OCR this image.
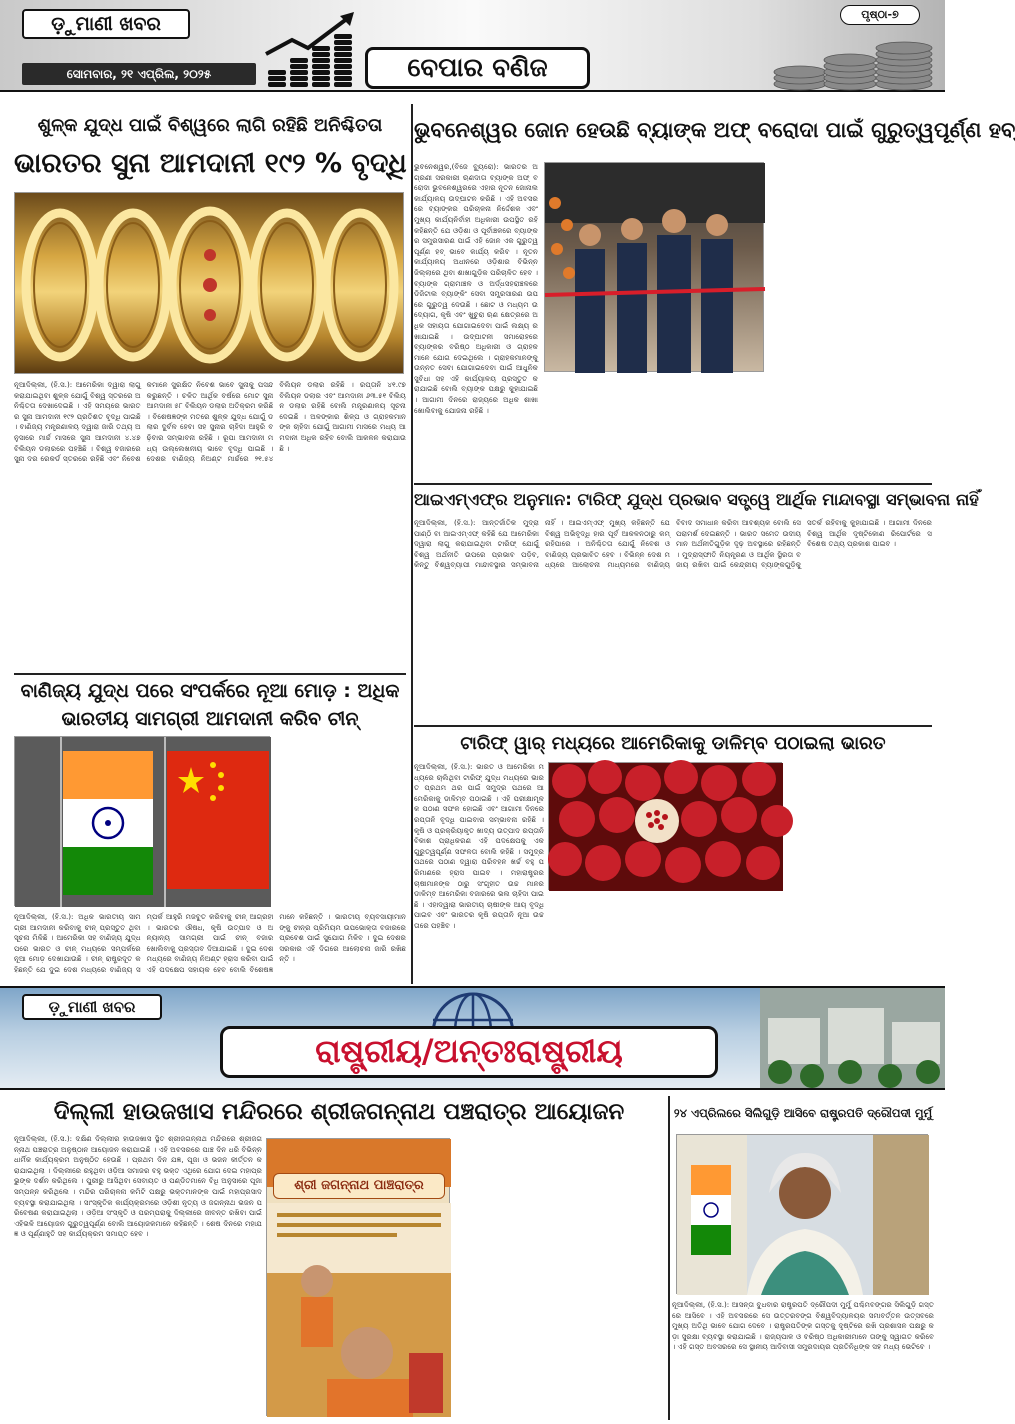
ଡ଼ୁମାଣୀ ଖବର
ସୋମବାର, ୨୧ ଏପ୍ରିଲ, ୨୦୨୫	ବେପାର ବଣିଜ
ପୃଷ୍ଠା-୭
ଶୁଳ୍କ ଯୁଦ୍ଧ ପାଇଁ ବିଶ୍ୱରେ ଲାଗି ରହିଛି ଅନିଶ୍ଚିତତା
ଭାରତର ସୁନା ଆମଦାନୀ ୧୯୨ % ବୃଦ୍ଧି
ନୂଆଦିଲ୍ଲୀ, (ହି.ସ.): ଆମେରିକା ଦ୍ୱାରା ଲାଗୁ କରାଯାଇଥିବା ଶୁଳ୍କ ଯୋଗୁଁ ବିଶ୍ୱ ସ୍ତରରେ ଅନିଶ୍ଚିତତା ଦେଖାଦେଇଛି । ଏହି ସମୟରେ ଭାରତର ସୁନା ଆମଦାନୀ ୧୯୨ ପ୍ରତିଶତ ବୃଦ୍ଧି ପାଇଛି । ବାଣିଜ୍ୟ ମନ୍ତ୍ରଣାଳୟ ଦ୍ୱାରା ଜାରି ତଥ୍ୟ ଅନୁସାରେ ମାର୍ଚ୍ଚ ମାସରେ ସୁନା ଆମଦାନୀ ୪.୪୭ ବିଲିୟନ ଡଲାରରେ ପହଞ୍ଚିଛି । ବିଶ୍ୱ ବଜାରରେ ସୁନା ଦର ରେକର୍ଡ ସ୍ତରରେ ରହିଛି ଏବଂ ନିବେଶକମାନେ ସୁରକ୍ଷିତ ନିବେଶ ଭାବେ ସୁନାକୁ ପସନ୍ଦ କରୁଛନ୍ତି । ଚଳିତ ଆର୍ଥିକ ବର୍ଷରେ ମୋଟ ସୁନା ଆମଦାନୀ ୫୮ ବିଲିୟନ ଡଲାର ଅତିକ୍ରମ କରିଛି । ବିଶେଷଜ୍ଞଙ୍କ ମତରେ ଶୁଳ୍କ ଯୁଦ୍ଧ ଯୋଗୁଁ ଡଲାର ଦୁର୍ବଳ ହେବା ସହ ସୁନାର ଚାହିଦା ଆହୁରି ବଢ଼ିବାର ସମ୍ଭାବନା ରହିଛି । ରୂପା ଆମଦାନୀ ମଧ୍ୟ ଉଲ୍ଲେଖନୀୟ ଭାବେ ବୃଦ୍ଧି ପାଇଛି । ଦେଶର ବାଣିଜ୍ୟ ନିଅଣ୍ଟ ମାର୍ଚ୍ଚରେ ୨୧.୫୪ ବିଲିୟନ ଡଲାର ରହିଛି । ରପ୍ତାନି ୪୧.୯୭ ବିଲିୟନ ଡଲାର ଏବଂ ଆମଦାନୀ ୬୩.୫୧ ବିଲିୟନ ଡଲାର ରହିଛି ବୋଲି ମନ୍ତ୍ରଣାଳୟ ସୂଚନା ଦେଇଛି । ଅଳଙ୍କାର ଶିଳ୍ପ ଓ ଗ୍ରାହକମାନଙ୍କ ଚାହିଦା ଯୋଗୁଁ ଆଗାମୀ ମାସରେ ମଧ୍ୟ ଆମଦାନୀ ଅଧିକ ରହିବ ବୋଲି ଆକଳନ କରାଯାଉଛି ।
ବାଣିଜ୍ୟ ଯୁଦ୍ଧ ପରେ ସଂପର୍କରେ ନୂଆ ମୋଡ଼ : ଅଧିକ
ଭାରତୀୟ ସାମଗ୍ରୀ ଆମଦାନୀ କରିବ ଚୀନ୍
ନୂଆଦିଲ୍ଲୀ, (ହି.ସ.): ଅଧିକ ଭାରତୀୟ ସାମଗ୍ରୀ ଆମଦାନୀ କରିବାକୁ ଚୀନ୍ ପ୍ରସ୍ତୁତ ଥିବା ସୂଚନା ମିଳିଛି । ଆମେରିକା ସହ ବାଣିଜ୍ୟ ଯୁଦ୍ଧ ପରେ ଭାରତ ଓ ଚୀନ୍ ମଧ୍ୟରେ ସମ୍ପର୍କରେ ନୂଆ ମୋଡ଼ ଦେଖାଯାଉଛି । ଚୀନ୍ ରାଷ୍ଟ୍ରଦୂତ କହିଛନ୍ତି ଯେ ଦୁଇ ଦେଶ ମଧ୍ୟରେ ବାଣିଜ୍ୟ ସମ୍ପର୍କ ଆହୁରି ମଜବୁତ କରିବାକୁ ଚୀନ୍ ଆଗ୍ରହୀ । ଭାରତର ଔଷଧ, କୃଷି ଉତ୍ପାଦ ଓ ଅନ୍ୟାନ୍ୟ ସାମଗ୍ରୀ ପାଇଁ ଚୀନ୍ ବଜାର ଖୋଲିବାକୁ ପ୍ରସ୍ତାବ ଦିଆଯାଇଛି । ଦୁଇ ଦେଶ ମଧ୍ୟରେ ବାଣିଜ୍ୟ ନିଅଣ୍ଟ ହ୍ରାସ କରିବା ପାଇଁ ଏହି ପଦକ୍ଷେପ ସହାୟକ ହେବ ବୋଲି ବିଶେଷଜ୍ଞମାନେ କହିଛନ୍ତି । ଭାରତୀୟ ବ୍ୟବସାୟୀମାନଙ୍କୁ ଚୀନ୍‌ର ପ୍ରିମିୟମ ଉପଭୋକ୍ତା ବଜାରରେ ପ୍ରବେଶ ପାଇଁ ସୁଯୋଗ ମିଳିବ । ଦୁଇ ଦେଶର ସରକାର ଏହି ଦିଗରେ ଆଲୋଚନା ଜାରି ରଖିଛନ୍ତି ।
ଭୁବନେଶ୍ୱର ଜୋନ ହେଉଛି ବ୍ୟାଙ୍କ ଅଫ୍ ବରୋଦା ପାଇଁ ଗୁରୁତ୍ୱପୂର୍ଣ୍ଣ ହବ୍
ଭୁବନେଶ୍ୱର,(ବିଜେ ବ୍ୟୁରୋ): ଭାରତର ଅଗ୍ରଣୀ ସରକାରୀ ଋଣଦାତା ବ୍ୟାଙ୍କ ଅଫ୍ ବରୋଦା ଭୁବନେଶ୍ୱରରେ ଏହାର ନୂତନ ଜୋନାଲ କାର୍ଯ୍ୟାଳୟ ଉଦ୍‌ଘାଟନ କରିଛି । ଏହି ଅବସରରେ ବ୍ୟାଙ୍କର ପରିଚାଳନା ନିର୍ଦ୍ଦେଶକ ଏବଂ ମୁଖ୍ୟ କାର୍ଯ୍ୟନିର୍ବାହୀ ଅଧିକାରୀ ଉପସ୍ଥିତ ରହି କହିଛନ୍ତି ଯେ ଓଡ଼ିଶା ଓ ପୂର୍ବାଞ୍ଚଳରେ ବ୍ୟାଙ୍କର ସମ୍ପ୍ରସାରଣ ପାଇଁ ଏହି ଜୋନ ଏକ ଗୁରୁତ୍ୱପୂର୍ଣ୍ଣ ହବ୍ ଭାବେ କାର୍ଯ୍ୟ କରିବ । ନୂତନ କାର୍ଯ୍ୟାଳୟ ଅଧୀନରେ ଓଡ଼ିଶାର ବିଭିନ୍ନ ଜିଲ୍ଲାରେ ଥିବା ଶାଖାଗୁଡ଼ିକ ପରିଚାଳିତ ହେବ । ବ୍ୟାଙ୍କ ଗ୍ରାମାଞ୍ଚଳ ଓ ଅର୍ଦ୍ଧସହରାଞ୍ଚଳରେ ଡିଜିଟାଲ ବ୍ୟାଙ୍କିଂ ସେବା ସମ୍ପ୍ରସାରଣ ଉପରେ ଗୁରୁତ୍ୱ ଦେଉଛି । ଛୋଟ ଓ ମଧ୍ୟମ ଉଦ୍ୟୋଗ, କୃଷି ଏବଂ ଖୁଚୁରା ଋଣ କ୍ଷେତ୍ରରେ ଅଧିକ ସହାୟତା ଯୋଗାଇଦେବା ପାଇଁ ଲକ୍ଷ୍ୟ ରଖାଯାଇଛି । ଉଦ୍‌ଘାଟନୀ ସମାରୋହରେ ବ୍ୟାଙ୍କର ବରିଷ୍ଠ ଅଧିକାରୀ ଓ ଗ୍ରାହକମାନେ ଯୋଗ ଦେଇଥିଲେ । ଗ୍ରାହକମାନଙ୍କୁ ଉନ୍ନତ ସେବା ଯୋଗାଇଦେବା ପାଇଁ ଆଧୁନିକ ସୁବିଧା ସହ ଏହି କାର୍ଯ୍ୟାଳୟ ପ୍ରସ୍ତୁତ କରାଯାଇଛି ବୋଲି ବ୍ୟାଙ୍କ ପକ୍ଷରୁ କୁହାଯାଇଛି । ଆଗାମୀ ଦିନରେ ରାଜ୍ୟରେ ଅଧିକ ଶାଖା ଖୋଲିବାକୁ ଯୋଜନା ରହିଛି ।
ଆଇଏମ୍‌ଏଫ୍‌ର ଅନୁମାନ: ଟାରିଫ୍ ଯୁଦ୍ଧ ପ୍ରଭାବ ସତ୍ତ୍ୱେ ଆର୍ଥିକ ମାନ୍ଦାବସ୍ଥା ସମ୍ଭାବନା ନାହିଁ
ନୂଆଦିଲ୍ଲୀ, (ହି.ସ.): ଆନ୍ତର୍ଜାତିକ ମୁଦ୍ରା ପାଣ୍ଠି ବା ଆଇଏମ୍‌ଏଫ୍ କହିଛି ଯେ ଆମେରିକା ଦ୍ୱାରା ଲାଗୁ କରାଯାଇଥିବା ଟାରିଫ୍ ଯୋଗୁଁ ବିଶ୍ୱ ଅର୍ଥନୀତି ଉପରେ ପ୍ରଭାବ ପଡ଼ିବ, କିନ୍ତୁ ବିଶ୍ୱବ୍ୟାପୀ ମାନ୍ଦାବସ୍ଥାର ସମ୍ଭାବନା ନାହିଁ । ଆଇଏମ୍‌ଏଫ୍ ମୁଖ୍ୟ କହିଛନ୍ତି ଯେ ବିଶ୍ୱ ଅଭିବୃଦ୍ଧି ହାର ପୂର୍ବ ଆକଳନଠାରୁ କମ୍ ରହିପାରେ । ଅନିଶ୍ଚିତତା ଯୋଗୁଁ ନିବେଶ ଓ ବାଣିଜ୍ୟ ପ୍ରଭାବିତ ହେବ । ବିଭିନ୍ନ ଦେଶ ମଧ୍ୟରେ ଆଲୋଚନା ମାଧ୍ୟମରେ ବାଣିଜ୍ୟ ବିବାଦ ସମାଧାନ କରିବା ଆବଶ୍ୟକ ବୋଲି ସେ ପରାମର୍ଶ ଦେଇଛନ୍ତି । ଭାରତ ସମେତ ଉଦୀୟମାନ ଅର୍ଥନୀତିଗୁଡ଼ିକ ଦୃଢ଼ ଅବସ୍ଥାରେ ରହିଛନ୍ତି । ମୁଦ୍ରାସ୍ଫୀତି ନିୟନ୍ତ୍ରଣ ଓ ଆର୍ଥିକ ସ୍ଥିରତା ବଜାୟ ରଖିବା ପାଇଁ କେନ୍ଦ୍ରୀୟ ବ୍ୟାଙ୍କଗୁଡ଼ିକୁ ସତର୍କ ରହିବାକୁ କୁହାଯାଇଛି । ଆଗାମୀ ଦିନରେ ବିଶ୍ୱ ଆର୍ଥିକ ଦୃଷ୍ଟିକୋଣ ରିପୋର୍ଟରେ ସବିଶେଷ ତଥ୍ୟ ପ୍ରକାଶ ପାଇବ ।
ଟାରିଫ୍ ୱାର୍ ମଧ୍ୟରେ ଆମେରିକାକୁ ଡାଳିମ୍ବ ପଠାଇଲା ଭାରତ
ନୂଆଦିଲ୍ଲୀ, (ହି.ସ.): ଭାରତ ଓ ଆମେରିକା ମଧ୍ୟରେ ଚାଲିଥିବା ଟାରିଫ୍ ଯୁଦ୍ଧ ମଧ୍ୟରେ ଭାରତ ପ୍ରଥମ ଥର ପାଇଁ ସମୁଦ୍ର ପଥରେ ଆମେରିକାକୁ ଡାଳିମ୍ବ ପଠାଇଛି । ଏହି ପରୀକ୍ଷାମୂଳକ ପଠାଣ ସଫଳ ହୋଇଛି ଏବଂ ଆଗାମୀ ଦିନରେ ରପ୍ତାନି ବୃଦ୍ଧି ପାଇବାର ସମ୍ଭାବନା ରହିଛି । କୃଷି ଓ ପ୍ରକ୍ରିୟାକୃତ ଖାଦ୍ୟ ଉତ୍ପାଦ ରପ୍ତାନି ବିକାଶ ପ୍ରାଧିକରଣ ଏହି ପଦକ୍ଷେପକୁ ଏକ ଗୁରୁତ୍ୱପୂର୍ଣ୍ଣ ସଫଳତା ବୋଲି କହିଛି । ସମୁଦ୍ର ପଥରେ ପଠାଣ ଦ୍ୱାରା ପରିବହନ ଖର୍ଚ୍ଚ ବହୁ ପରିମାଣରେ ହ୍ରାସ ପାଇବ । ମହାରାଷ୍ଟ୍ରର ଚାଷୀମାନଙ୍କ ଠାରୁ ସଂଗୃହୀତ ଉଚ୍ଚ ମାନର ଡାଳିମ୍ବ ଆମେରିକା ବଜାରରେ ଭଲ ଚାହିଦା ପାଇଛି । ଏହାଦ୍ୱାରା ଭାରତୀୟ ଚାଷୀଙ୍କ ଆୟ ବୃଦ୍ଧି ପାଇବ ଏବଂ ଭାରତର କୃଷି ରପ୍ତାନି ନୂଆ ଉଚ୍ଚତାରେ ପହଞ୍ଚିବ ।
ଡ଼ୁମାଣୀ ଖବର
ରାଷ୍ଟ୍ରୀୟ/ଅନ୍ତଃରାଷ୍ଟ୍ରୀୟ
ଦିଲ୍ଲୀ ହାଉଜଖାସ ମନ୍ଦିରରେ ଶ୍ରୀଜଗନ୍ନାଥ ପଞ୍ଚରାତ୍ର ଆୟୋଜନ
ନୂଆଦିଲ୍ଲୀ, (ହି.ସ.): ଦକ୍ଷିଣ ଦିଲ୍ଲୀର ହାଉଜଖାସ ସ୍ଥିତ ଶ୍ରୀଜଗନ୍ନାଥ ମନ୍ଦିରରେ ଶ୍ରୀଜଗନ୍ନାଥ ପଞ୍ଚରାତ୍ର ଅନୁଷ୍ଠାନ ଆୟୋଜନ କରାଯାଇଛି । ଏହି ଅବସରରେ ପାଞ୍ଚ ଦିନ ଧରି ବିଭିନ୍ନ ଧାର୍ମିକ କାର୍ଯ୍ୟକ୍ରମ ଅନୁଷ୍ଠିତ ହେଉଛି । ପ୍ରଥମ ଦିନ ଯଜ୍ଞ, ପୂଜା ଓ ଭଜନ କୀର୍ତ୍ତନ କରାଯାଇଥିଲା । ଦିଲ୍ଲୀରେ ରହୁଥିବା ଓଡ଼ିଆ ସମାଜର ବହୁ ଭକ୍ତ ଏଥିରେ ଯୋଗ ଦେଇ ମହାପ୍ରଭୁଙ୍କ ଦର୍ଶନ କରିଥିଲେ । ପୁରୀରୁ ଆସିଥିବା ସେବାୟତ ଓ ପଣ୍ଡିତମାନେ ବିଧି ଅନୁସାରେ ପୂଜା ସମ୍ପନ୍ନ କରିଥିଲେ । ମନ୍ଦିର ପରିଚାଳନା କମିଟି ପକ୍ଷରୁ ଭକ୍ତମାନଙ୍କ ପାଇଁ ମହାପ୍ରସାଦ ବ୍ୟବସ୍ଥା କରାଯାଇଥିଲା । ସାଂସ୍କୃତିକ କାର୍ଯ୍ୟକ୍ରମରେ ଓଡ଼ିଶୀ ନୃତ୍ୟ ଓ ଜଗନ୍ନାଥ ଭଜନ ପରିବେଷଣ କରାଯାଇଥିଲା । ଓଡ଼ିଆ ସଂସ୍କୃତି ଓ ପରମ୍ପରାକୁ ଦିଲ୍ଲୀରେ ଜୀବନ୍ତ ରଖିବା ପାଇଁ ଏହିଭଳି ଆୟୋଜନ ଗୁରୁତ୍ୱପୂର୍ଣ୍ଣ ବୋଲି ଆୟୋଜକମାନେ କହିଛନ୍ତି । ଶେଷ ଦିନରେ ମହାଯଜ୍ଞ ଓ ପୂର୍ଣ୍ଣାହୁତି ସହ କାର୍ଯ୍ୟକ୍ରମ ସମାପ୍ତ ହେବ ।
ଶ୍ରୀ ଜଗନ୍ନାଥ ପାଞ୍ଚରାତ୍ର
୨୪ ଏପ୍ରିଲରେ ସିଲିଗୁଡ଼ି ଆସିବେ ରାଷ୍ଟ୍ରପତି ଦ୍ରୌପଦୀ ମୁର୍ମୁ
ନୂଆଦିଲ୍ଲୀ, (ହି.ସ.): ଆସନ୍ତା ବୁଧବାର ରାଷ୍ଟ୍ରପତି ଦ୍ରୌପଦୀ ମୁର୍ମୁ ପଶ୍ଚିମବଙ୍ଗର ସିଲିଗୁଡ଼ି ଗସ୍ତରେ ଆସିବେ । ଏହି ଅବସରରେ ସେ ଉତ୍ତରବଙ୍ଗ ବିଶ୍ୱବିଦ୍ୟାଳୟର ସମାବର୍ତ୍ତନ ଉତ୍ସବରେ ମୁଖ୍ୟ ଅତିଥି ଭାବେ ଯୋଗ ଦେବେ । ରାଷ୍ଟ୍ରପତିଙ୍କ ଗସ୍ତକୁ ଦୃଷ୍ଟିରେ ରଖି ପ୍ରଶାସନ ପକ୍ଷରୁ କଡ଼ା ସୁରକ୍ଷା ବ୍ୟବସ୍ଥା କରାଯାଇଛି । ରାଜ୍ୟପାଳ ଓ ବରିଷ୍ଠ ଅଧିକାରୀମାନେ ତାଙ୍କୁ ସ୍ୱାଗତ କରିବେ । ଏହି ଗସ୍ତ ଅବସରରେ ସେ ସ୍ଥାନୀୟ ଆଦିବାସୀ ସମ୍ପ୍ରଦାୟର ପ୍ରତିନିଧିଙ୍କ ସହ ମଧ୍ୟ ଭେଟିବେ ।
